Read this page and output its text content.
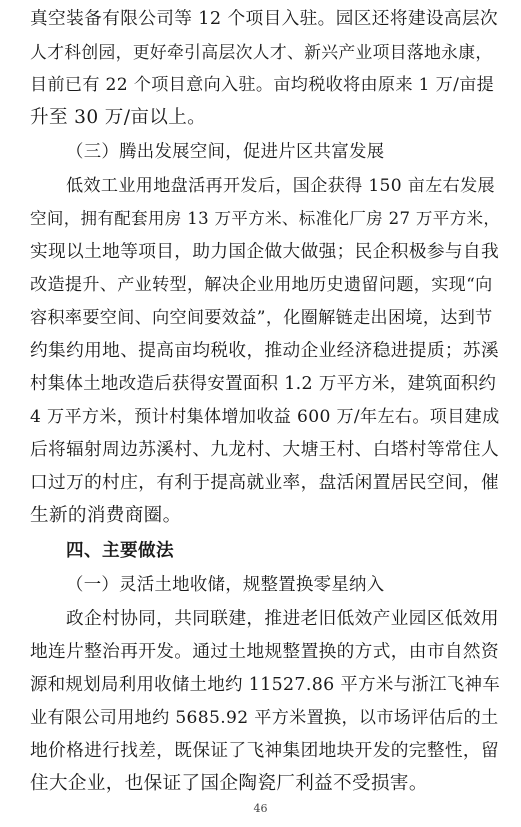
真空装备有限公司等 12 个项目入驻。园区还将建设高层次
人才科创园，更好牵引高层次人才、新兴产业项目落地永康，
目前已有 22 个项目意向入驻。亩均税收将由原来 1 万/亩提
升至 30 万/亩以上。
（三）腾出发展空间，促进片区共富发展
低效工业用地盘活再开发后，国企获得 150 亩左右发展
空间，拥有配套用房 13 万平方米、标准化厂房 27 万平方米，
实现以土地等项目，助力国企做大做强；民企积极参与自我
改造提升、产业转型，解决企业用地历史遗留问题，实现“向
容积率要空间、向空间要效益”，化圈解链走出困境，达到节
约集约用地、提高亩均税收，推动企业经济稳进提质；苏溪
村集体土地改造后获得安置面积 1.2 万平方米，建筑面积约
4 万平方米，预计村集体增加收益 600 万/年左右。项目建成
后将辐射周边苏溪村、九龙村、大塘王村、白塔村等常住人
口过万的村庄，有利于提高就业率，盘活闲置居民空间，催
生新的消费商圈。
四、主要做法
（一）灵活土地收储，规整置换零星纳入
政企村协同，共同联建，推进老旧低效产业园区低效用
地连片整治再开发。通过土地规整置换的方式，由市自然资
源和规划局利用收储土地约 11527.86 平方米与浙江飞神车
业有限公司用地约 5685.92 平方米置换，以市场评估后的土
地价格进行找差，既保证了飞神集团地块开发的完整性，留
住大企业，也保证了国企陶瓷厂利益不受损害。
46
